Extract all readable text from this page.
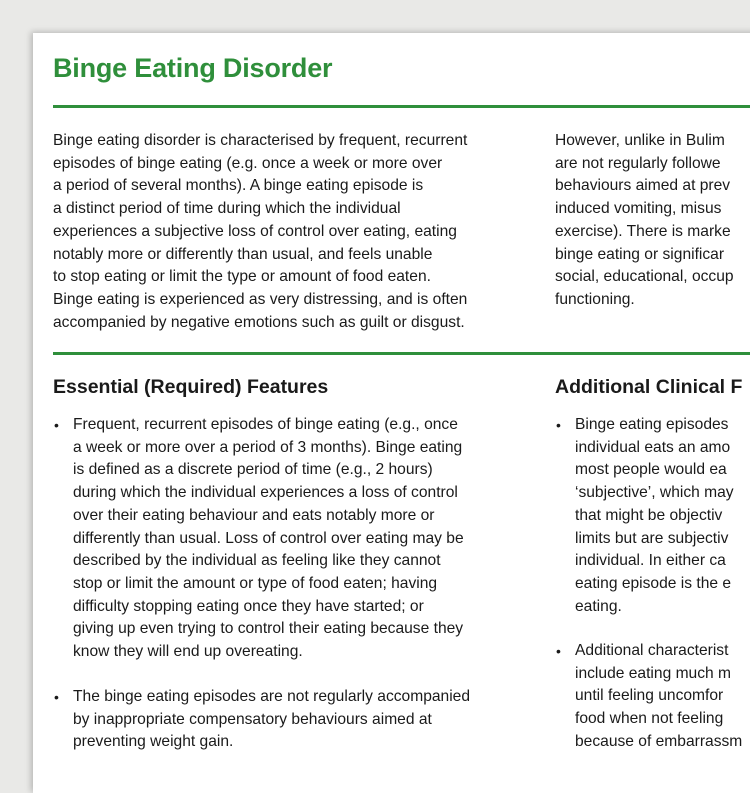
Binge Eating Disorder

Binge eating disorder is characterised by frequent, recurrent
episodes of binge eating (e.g. once a week or more over
a period of several months). A binge eating episode is
a distinct period of time during which the individual
experiences a subjective loss of control over eating, eating
notably more or differently than usual, and feels unable
to stop eating or limit the type or amount of food eaten.
Binge eating is experienced as very distressing, and is often
accompanied by negative emotions such as guilt or disgust.

However, unlike in Bulim
are not regularly followe
behaviours aimed at prev
induced vomiting, misus
exercise). There is marke
binge eating or significar
social, educational, occup
functioning.

Essential (Required) Features	Additional Clinical F
• Frequent, recurrent episodes of binge eating (e.g., once
a week or more over a period of 3 months). Binge eating
is defined as a discrete period of time (e.g., 2 hours)
during which the individual experiences a loss of control
over their eating behaviour and eats notably more or
differently than usual. Loss of control over eating may be
described by the individual as feeling like they cannot
stop or limit the amount or type of food eaten; having
difficulty stopping eating once they have started; or
giving up even trying to control their eating because they
know they will end up overeating.
• The binge eating episodes are not regularly accompanied
by inappropriate compensatory behaviours aimed at
preventing weight gain.
• Binge eating episodes
individual eats an amo
most people would ea
‘subjective’, which may
that might be objectiv
limits but are subjectiv
individual. In either ca
eating episode is the e
eating.
• Additional characterist
include eating much m
until feeling uncomfor
food when not feeling
because of embarrassm
